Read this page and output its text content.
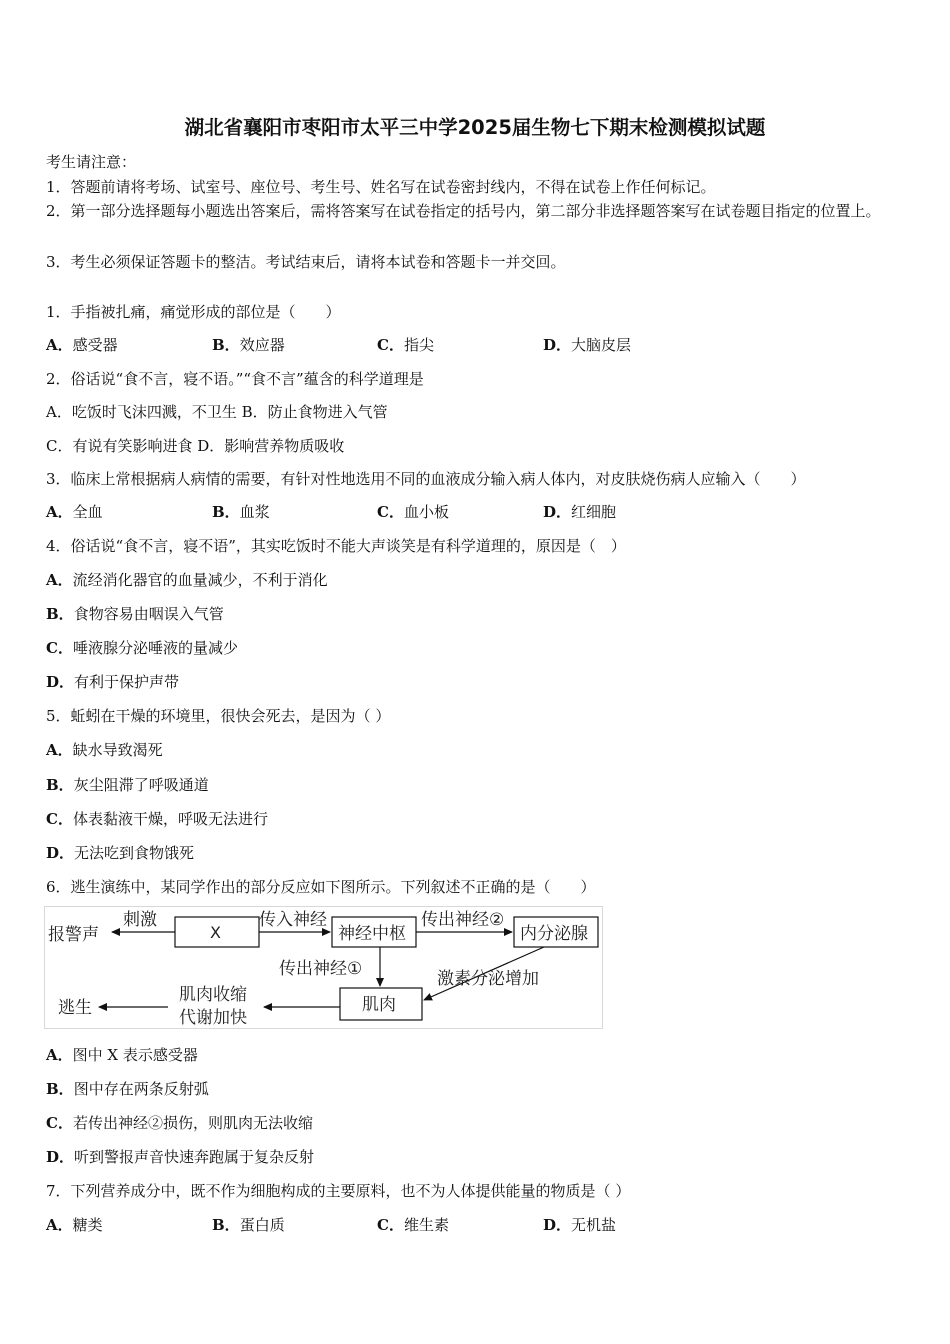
湖北省襄阳市枣阳市太平三中学2025届生物七下期末检测模拟试题
考生请注意：
1．答题前请将考场、试室号、座位号、考生号、姓名写在试卷密封线内，不得在试卷上作任何标记。
2．第一部分选择题每小题选出答案后，需将答案写在试卷指定的括号内，第二部分非选择题答案写在试卷题目指定的位置上。
3．考生必须保证答题卡的整洁。考试结束后，请将本试卷和答题卡一并交回。
1．手指被扎痛，痛觉形成的部位是（　　）
A．感受器	B．效应器	C．指尖	D．大脑皮层
2．俗话说“食不言，寝不语。”“食不言”蕴含的科学道理是
A．吃饭时飞沫四溅，不卫生 B．防止食物进入气管
C．有说有笑影响进食 D．影响营养物质吸收
3．临床上常根据病人病情的需要，有针对性地选用不同的血液成分输入病人体内，对皮肤烧伤病人应输入（　　）
A．全血	B．血浆	C．血小板	D．红细胞
4．俗话说“食不言，寝不语”，其实吃饭时不能大声谈笑是有科学道理的，原因是（　）
A．流经消化器官的血量减少，不利于消化
B．食物容易由咽误入气管
C．唾液腺分泌唾液的量减少
D．有利于保护声带
5．蚯蚓在干燥的环境里，很快会死去，是因为（ ）
A．缺水导致渴死
B．灰尘阻滞了呼吸通道
C．体表黏液干燥，呼吸无法进行
D．无法吃到食物饿死
6．逃生演练中，某同学作出的部分反应如下图所示。下列叙述不正确的是（　　）
报警声
刺激
X
传入神经
神经中枢
传出神经②
内分泌腺
传出神经①	激素分泌增加
肌肉
肌肉收缩
代谢加快
逃生
A．图中 X 表示感受器
B．图中存在两条反射弧
C．若传出神经②损伤，则肌肉无法收缩
D．听到警报声音快速奔跑属于复杂反射
7．下列营养成分中，既不作为细胞构成的主要原料，也不为人体提供能量的物质是（ ）
A．糖类	B．蛋白质	C．维生素	D．无机盐
